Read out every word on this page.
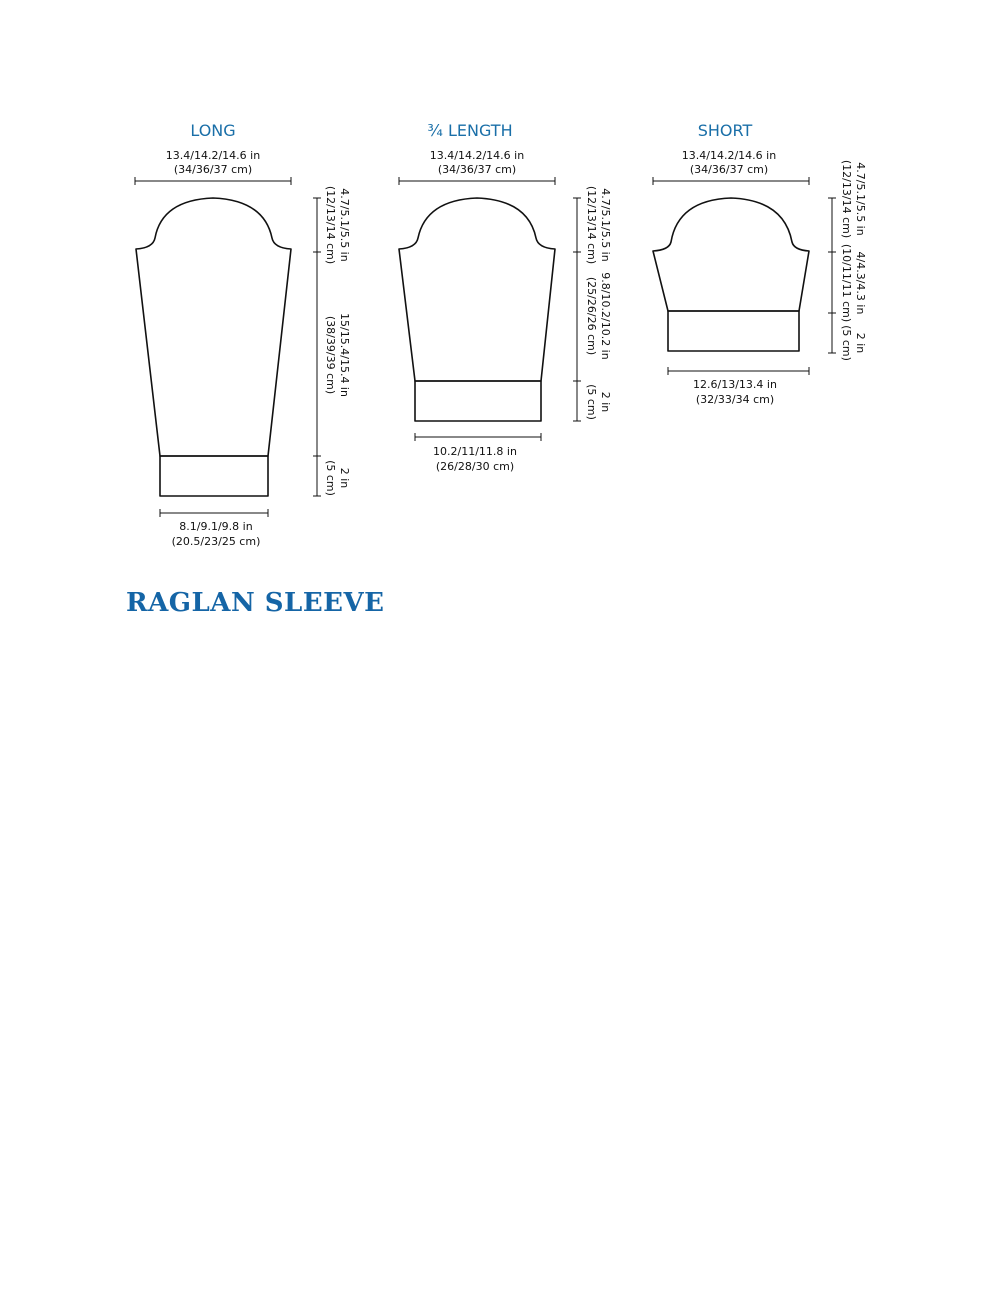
LONG
13.4/14.2/14.6 in
(34/36/37 cm)
4.7/5.1/5.5 in
(12/13/14 cm)
15/15.4/15.4 in
(38/39/39 cm)
2 in
(5 cm)
8.1/9.1/9.8 in
(20.5/23/25 cm)
¾ LENGTH
13.4/14.2/14.6 in
(34/36/37 cm)
4.7/5.1/5.5 in
(12/13/14 cm)
9.8/10.2/10.2 in
(25/26/26 cm)
2 in
(5 cm)
10.2/11/11.8 in
(26/28/30 cm)
SHORT
13.4/14.2/14.6 in
(34/36/37 cm)	4.7/5.1/5.5 in
(12/13/14 cm)
4/4.3/4.3 in
(10/11/11 cm)
2 in
(5 cm)
12.6/13/13.4 in
(32/33/34 cm)
RAGLAN SLEEVE
